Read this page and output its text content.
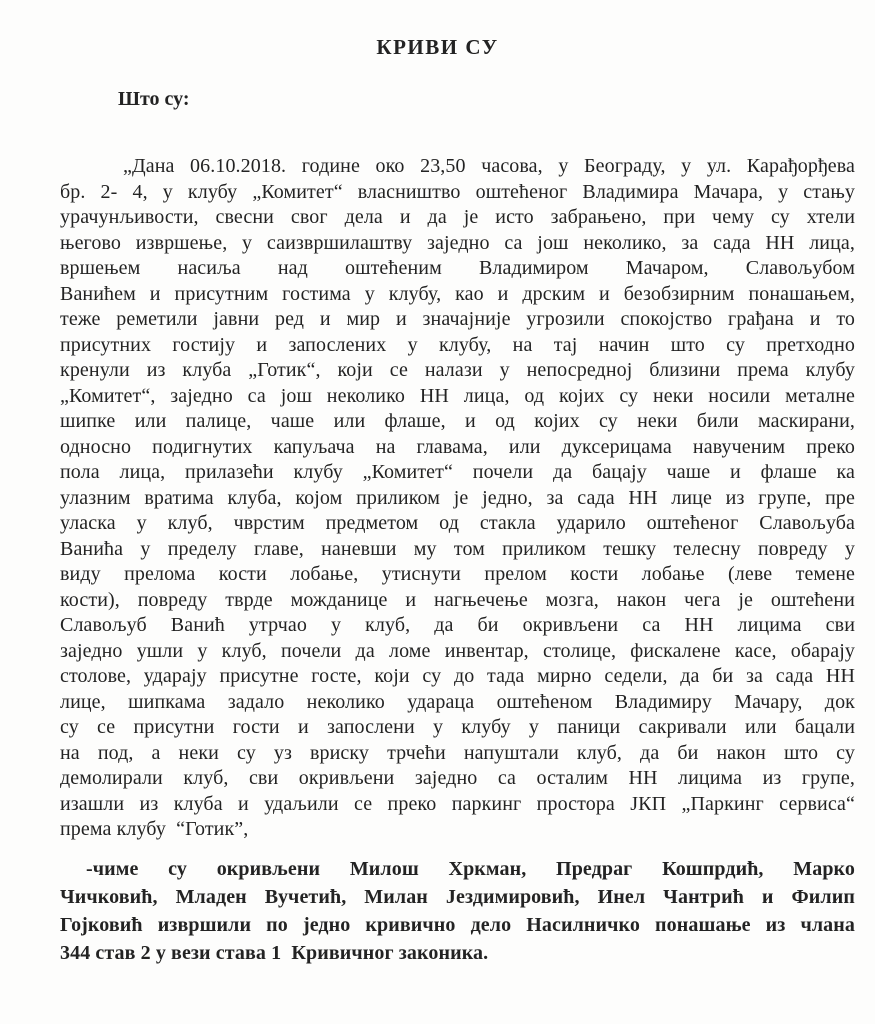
КРИВИ СУ
Што су:
„Дана 06.10.2018. године око 23,50 часова, у Београду, у ул. Карађорђева
бр. 2- 4, у клубу „Комитет“ власништво оштећеног Владимира Мачара, у стању
урачунљивости, свесни свог дела и да је исто забрањено, при чему су хтели
његово извршење, у саизвршилаштву заједно са још неколико, за сада НН лица,
вршењем насиља над оштећеним Владимиром Мачаром, Славољубом
Ванићем и присутним гостима у клубу, као и дрским и безобзирним понашањем,
теже реметили јавни ред и мир и значајније угрозили спокојство грађана и то
присутних гостију и запослених у клубу, на тај начин што су претходно
кренули из клуба „Готик“, који се налази у непосредној близини према клубу
„Комитет“, заједно са још неколико НН лица, од којих су неки носили металне
шипке или палице, чаше или флаше, и од којих су неки били маскирани,
односно подигнутих капуљача на главама, или дуксерицама навученим преко
пола лица, прилазећи клубу „Комитет“ почели да бацају чаше и флаше ка
улазним вратима клуба, којом приликом је једно, за сада НН лице из групе, пре
уласка у клуб, чврстим предметом од стакла ударило оштећеног Славољуба
Ванића у пределу главе, наневши му том приликом тешку телесну повреду у
виду прелома кости лобање, утиснути прелом кости лобање (леве темене
кости), повреду тврде можданице и нагњечење мозга, након чега је оштећени
Славољуб Ванић утрчао у клуб, да би окривљени са НН лицима сви
заједно ушли у клуб, почели да ломе инвентар, столице, фискалене касе, обарају
столове, ударају присутне госте, који су до тада мирно седели, да би за сада НН
лице, шипкама задало неколико удараца оштећеном Владимиру Мачару, док
су се присутни гости и запослени у клубу у паници сакривали или бацали
на под, а неки су уз вриску трчећи напуштали клуб, да би након што су
демолирали клуб, сви окривљени заједно са осталим НН лицима из групе,
изашли из клуба и удаљили се преко паркинг простора ЈКП „Паркинг сервиса“
према клубу  “Готик”,
-чиме су окривљени Милош Хркман, Предраг Кошпрдић, Марко
Чичковић, Младен Вучетић, Милан Јездимировић, Инел Чантрић и Филип
Гојковић извршили по једно кривично дело Насилничко понашање из члана
344 став 2 у вези става 1  Кривичног законика.
